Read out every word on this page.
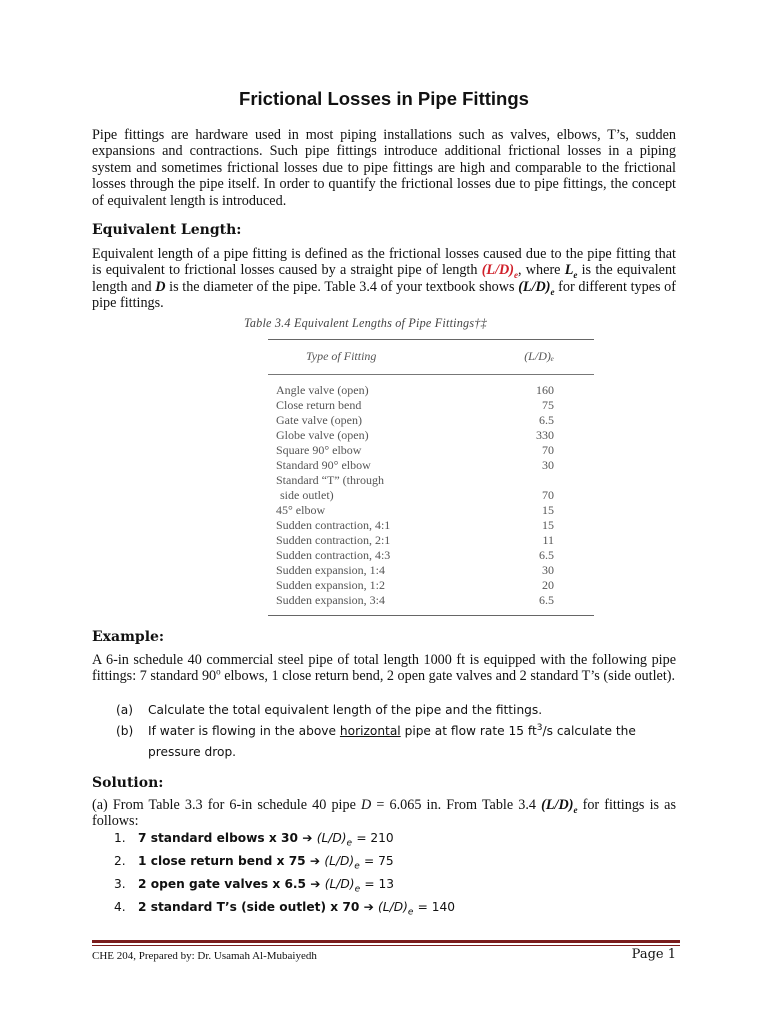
Frictional Losses in Pipe Fittings

Pipe fittings are hardware used in most piping installations such as valves, elbows, T’s, sudden expansions and contractions. Such pipe fittings introduce additional frictional losses in a piping system and sometimes frictional losses due to pipe fittings are high and comparable to the frictional losses through the pipe itself. In order to quantify the frictional losses due to pipe fittings, the concept of equivalent length is introduced.

Equivalent Length:

Equivalent length of a pipe fitting is defined as the frictional losses caused due to the pipe fitting that is equivalent to frictional losses caused by a straight pipe of length $(L/D)_e$, where $L_e$ is the equivalent length and D is the diameter of the pipe. Table 3.4 of your textbook shows $(L/D)_e$ for different types of pipe fittings.

Table 3.4 Equivalent Lengths of Pipe Fittings†‡
Type of Fitting	(L/D)ₑ
Angle valve (open)	160
Close return bend	75
Gate valve (open)	6.5
Globe valve (open)	330
Square 90° elbow	70
Standard 90° elbow	30
Standard “T” (through
side outlet)	70
45° elbow	15
Sudden contraction, 4:1	15
Sudden contraction, 2:1	11
Sudden contraction, 4:3	6.5
Sudden expansion, 1:4	30
Sudden expansion, 1:2	20
Sudden expansion, 3:4	6.5
Example:

A 6-in schedule 40 commercial steel pipe of total length 1000 ft is equipped with the following pipe fittings: 7 standard 90$^o$ elbows, 1 close return bend, 2 open gate valves and 2 standard T’s (side outlet).

(a) Calculate the total equivalent length of the pipe and the fittings.
(b) If water is flowing in the above horizontal pipe at flow rate 15 $ft^3/s$ calculate the pressure drop.
Solution:

(a) From Table 3.3 for 6-in schedule 40 pipe D = 6.065 in. From Table 3.4 $(L/D)_e$ for fittings is as follows:

1. 7 standard elbows x 30 ➔ $(L/D)_e = 210$
2. 1 close return bend x 75 ➔ $(L/D)_e = 75$
3. 2 open gate valves x 6.5 ➔ $(L/D)_e = 13$
4. 2 standard T’s (side outlet) x 70 ➔ $(L/D)_e = 140$
CHE 204, Prepared by: Dr. Usamah Al-Mubaiyedh	Page 1
